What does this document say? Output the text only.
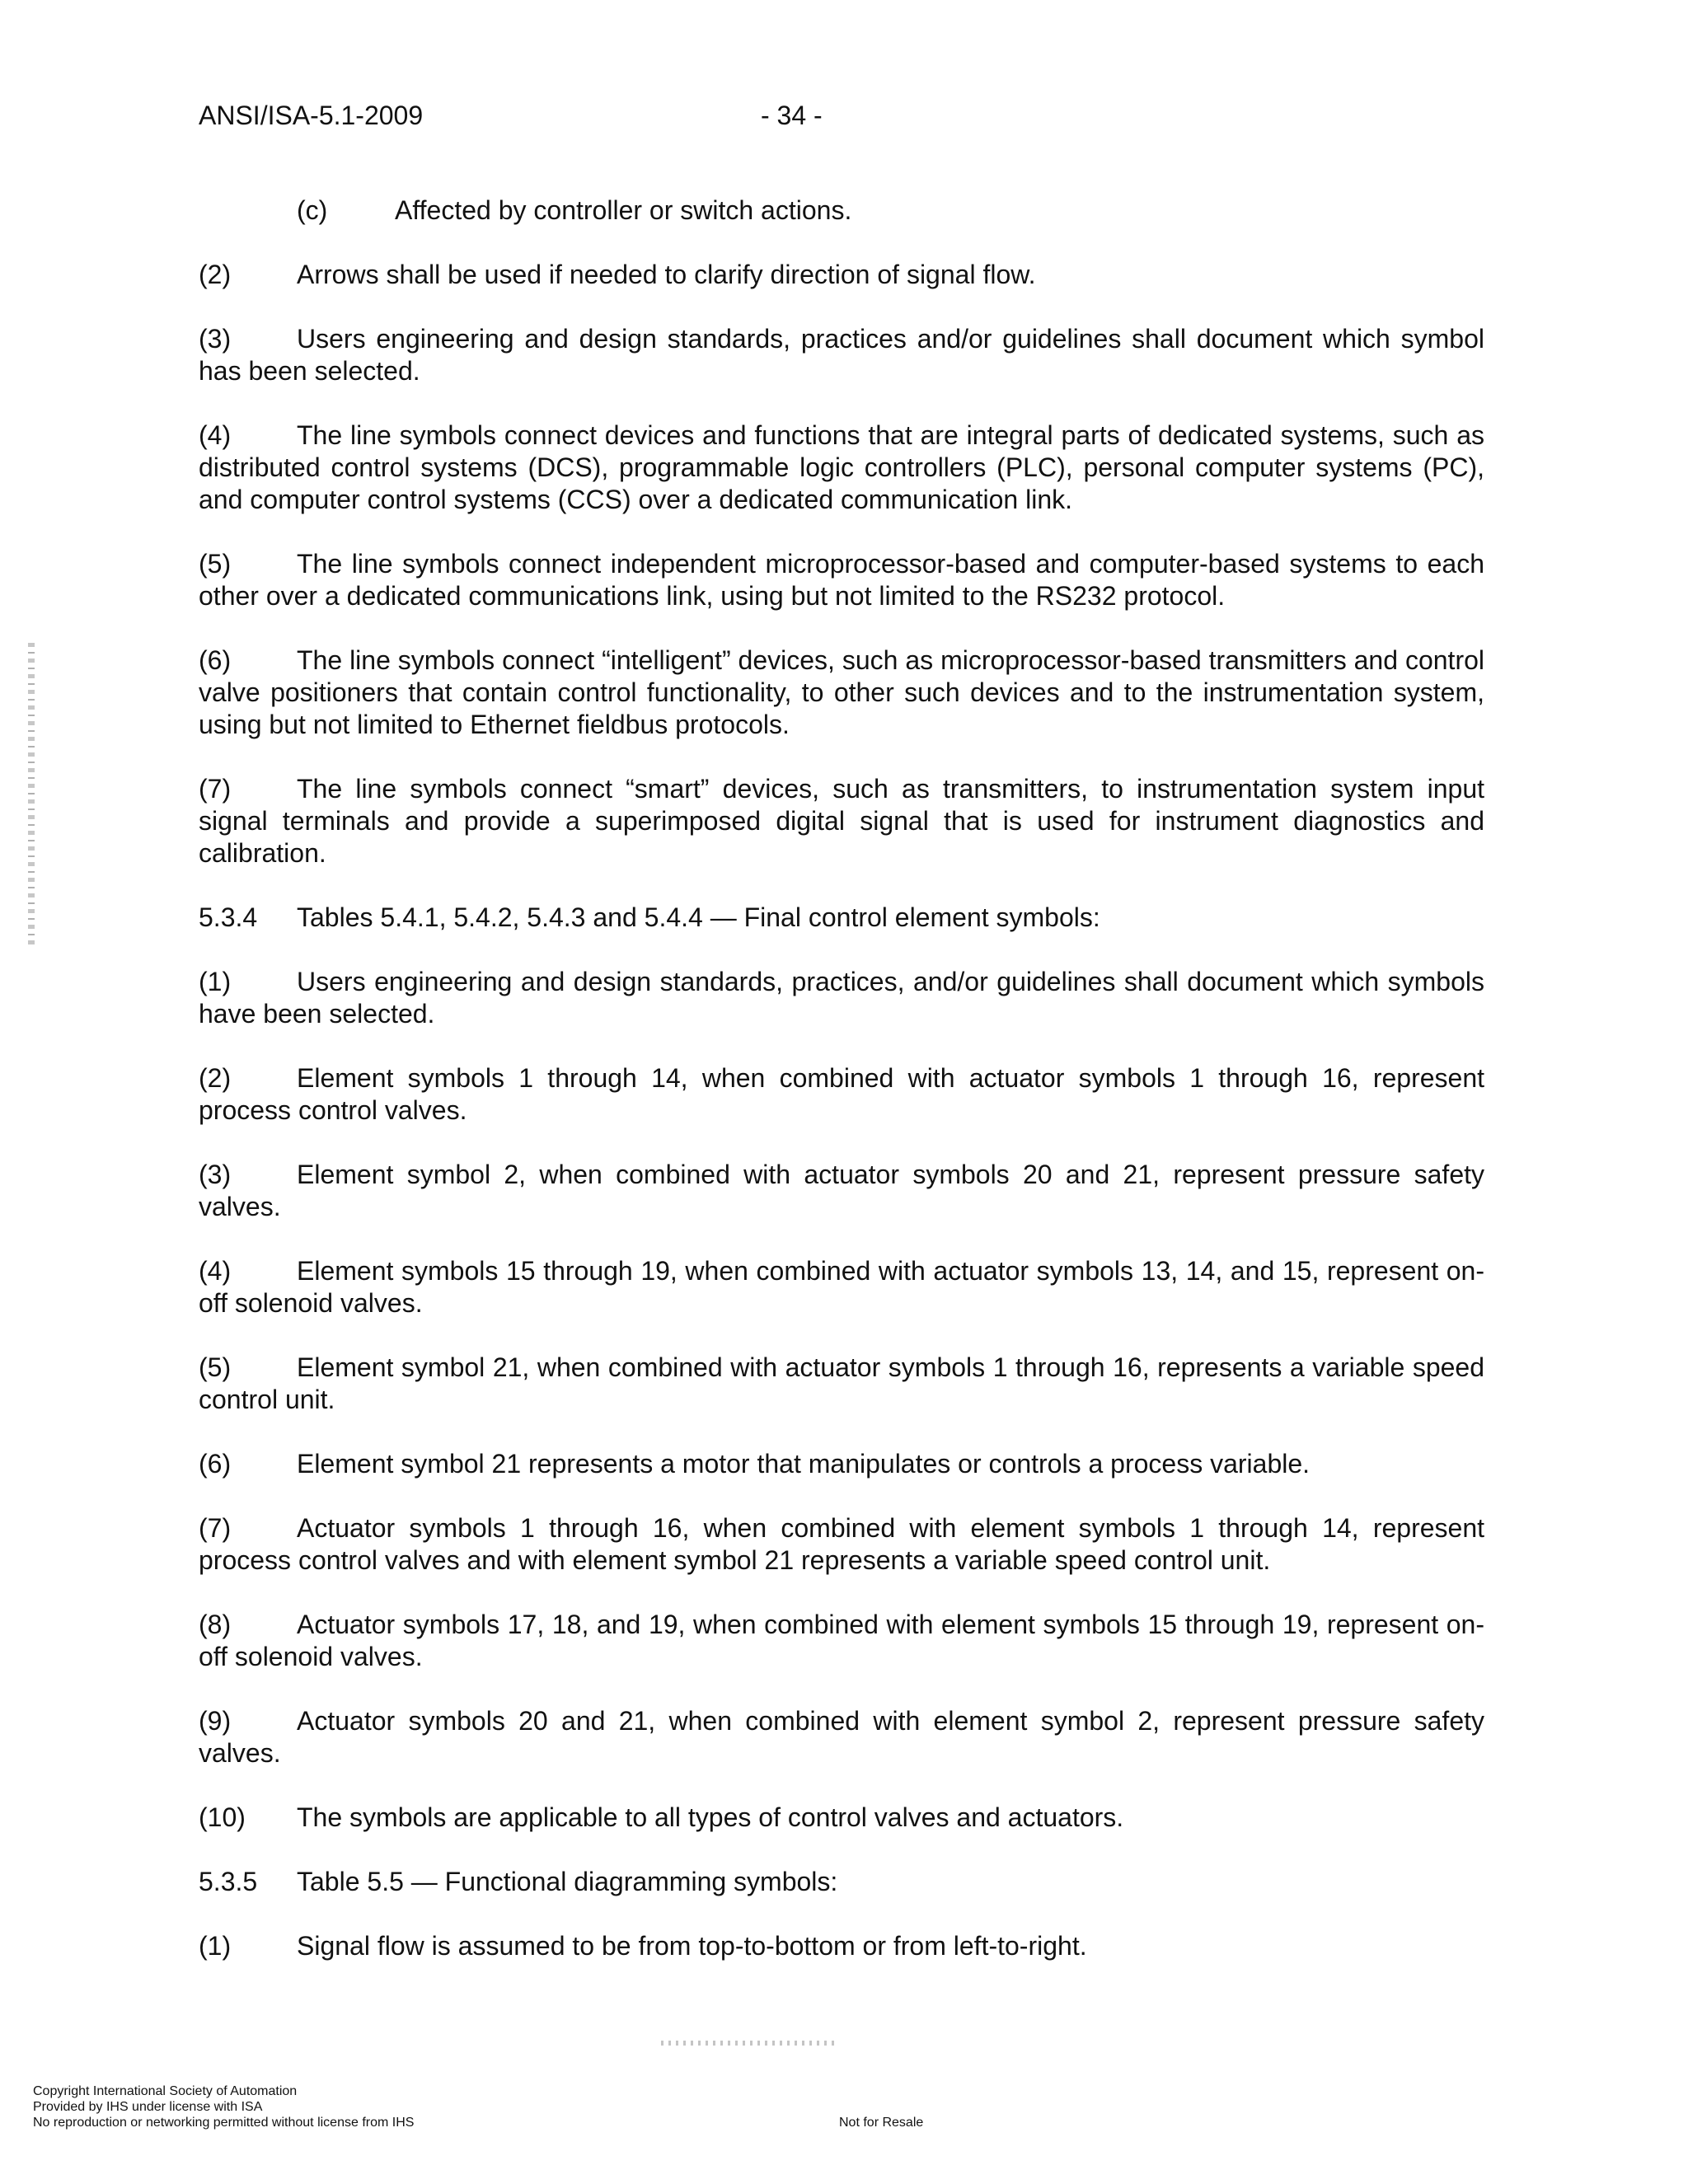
ANSI/ISA-5.1-2009	- 34 -

(c)	Affected by controller or switch actions.

(2) Arrows shall be used if needed to clarify direction of signal flow.

(3) Users engineering and design standards, practices and/or guidelines shall document which symbol has been selected.

(4) The line symbols connect devices and functions that are integral parts of dedicated systems, such as distributed control systems (DCS), programmable logic controllers (PLC), personal computer systems (PC), and computer control systems (CCS) over a dedicated communication link.

(5) The line symbols connect independent microprocessor-based and computer-based systems to each other over a dedicated communications link, using but not limited to the RS232 protocol.

(6) The line symbols connect “intelligent” devices, such as microprocessor-based transmitters and control valve positioners that contain control functionality, to other such devices and to the instrumentation system, using but not limited to Ethernet fieldbus protocols.

(7) The line symbols connect “smart” devices, such as transmitters, to instrumentation system input signal terminals and provide a superimposed digital signal that is used for instrument diagnostics and calibration.

5.3.4 Tables 5.4.1, 5.4.2, 5.4.3 and 5.4.4 — Final control element symbols:

(1) Users engineering and design standards, practices, and/or guidelines shall document which symbols have been selected.

(2) Element symbols 1 through 14, when combined with actuator symbols 1 through 16, represent process control valves.

(3) Element symbol 2, when combined with actuator symbols 20 and 21, represent pressure safety valves.

(4) Element symbols 15 through 19, when combined with actuator symbols 13, 14, and 15, represent on-off solenoid valves.

(5) Element symbol 21, when combined with actuator symbols 1 through 16, represents a variable speed control unit.

(6) Element symbol 21 represents a motor that manipulates or controls a process variable.

(7) Actuator symbols 1 through 16, when combined with element symbols 1 through 14, represent process control valves and with element symbol 21 represents a variable speed control unit.

(8) Actuator symbols 17, 18, and 19, when combined with element symbols 15 through 19, represent on-off solenoid valves.

(9) Actuator symbols 20 and 21, when combined with element symbol 2, represent pressure safety valves.

(10) The symbols are applicable to all types of control valves and actuators.

5.3.5 Table 5.5 — Functional diagramming symbols:

(1) Signal flow is assumed to be from top-to-bottom or from left-to-right.

Copyright International Society of Automation
Provided by IHS under license with ISA
No reproduction or networking permitted without license from IHS	Not for Resale
